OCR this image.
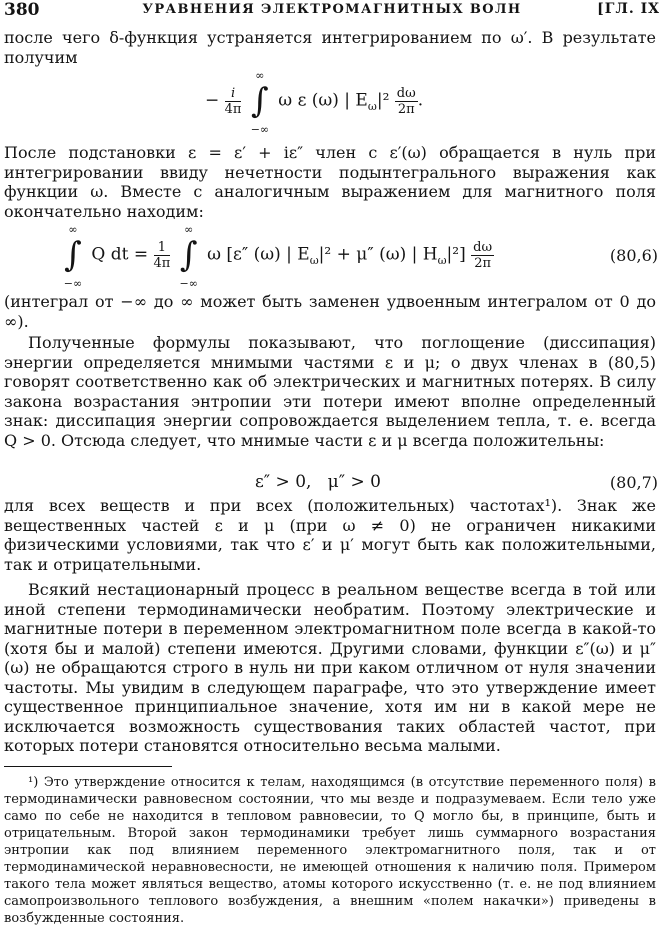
380	УРАВНЕНИЯ ЭЛЕКТРОМАГНИТНЫХ ВОЛН	[ГЛ. IX

после чего δ-функция устраняется интегрированием по ω′. В результате получим

− $\frac{i}{4\pi}$

∞
∫
−∞
ω ε (ω) | $E_\omega|^2 \frac{d\omega}{2\pi}$ .

После подстановки ε = ε′ + iε″ член с ε′(ω) обращается в нуль при интегрировании ввиду нечетности подынтегрального выражения как функции ω. Вместе с аналогичным выражением для магнитного поля окончательно находим:

∞
∫
−∞
Q dt = $\frac{1}{4\pi}$

∞
∫
−∞
ω [ε″ (ω) | $E_\omega|^2 + \mu''$ (ω) | $H_\omega|^2] \frac{d\omega}{2\pi}$	(80,6)

(интеграл от −∞ до ∞ может быть заменен удвоенным интегралом от 0 до ∞).

Полученные формулы показывают, что поглощение (диссипация) энергии определяется мнимыми частями ε и μ; о двух членах в (80,5) говорят соответственно как об электрических и магнитных потерях. В силу закона возрастания энтропии эти потери имеют вполне определенный знак: диссипация энергии сопровождается выделением тепла, т. е. всегда Q > 0. Отсюда следует, что мнимые части ε и μ всегда положительны:

ε″ > 0,   μ″ > 0	(80,7)

для всех веществ и при всех (положительных) частотах¹). Знак же вещественных частей ε и μ (при ω ≠ 0) не ограничен никакими физическими условиями, так что ε′ и μ′ могут быть как положительными, так и отрицательными.

Всякий нестационарный процесс в реальном веществе всегда в той или иной степени термодинамически необратим. Поэтому электрические и магнитные потери в переменном электромагнитном поле всегда в какой-то (хотя бы и малой) степени имеются. Другими словами, функции ε″(ω) и μ″(ω) не обращаются строго в нуль ни при каком отличном от нуля значении частоты. Мы увидим в следующем параграфе, что это утверждение имеет существенное принципиальное значение, хотя им ни в какой мере не исключается возможность существования таких областей частот, при которых потери становятся относительно весьма малыми.

¹) Это утверждение относится к телам, находящимся (в отсутствие переменного поля) в термодинамически равновесном состоянии, что мы везде и подразумеваем. Если тело уже само по себе не находится в тепловом равновесии, то Q могло бы, в принципе, быть и отрицательным. Второй закон термодинамики требует лишь суммарного возрастания энтропии как под влиянием переменного электромагнитного поля, так и от термодинамической неравновесности, не имеющей отношения к наличию поля. Примером такого тела может являться вещество, атомы которого искусственно (т. е. не под влиянием самопроизвольного теплового возбуждения, а внешним «полем накачки») приведены в возбужденные состояния.
